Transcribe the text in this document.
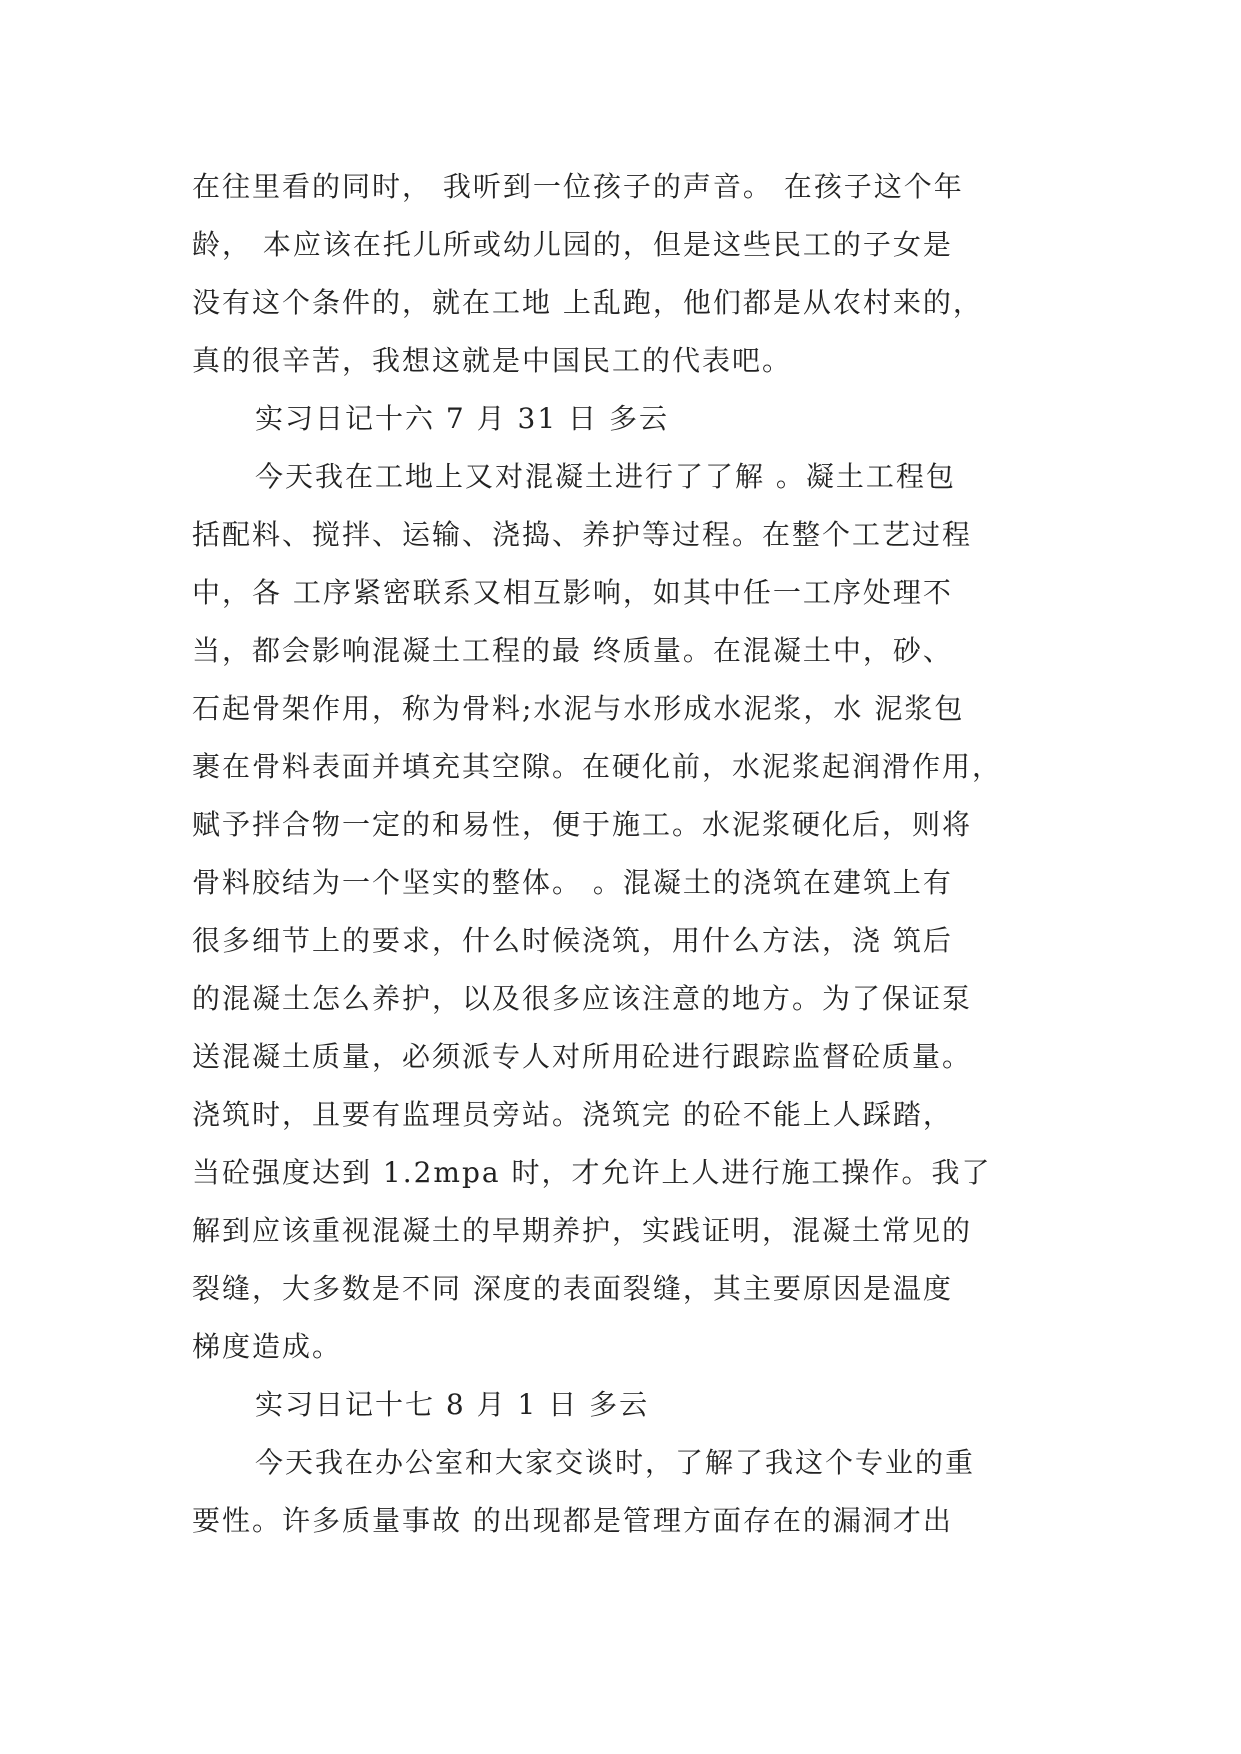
在往里看的同时， 我听到一位孩子的声音。 在孩子这个年
龄， 本应该在托儿所或幼儿园的，但是这些民工的子女是
没有这个条件的，就在工地 上乱跑，他们都是从农村来的，
真的很辛苦，我想这就是中国民工的代表吧。
实习日记十六 7 月 31 日 多云
今天我在工地上又对混凝土进行了了解 。凝土工程包
括配料、搅拌、运输、浇捣、养护等过程。在整个工艺过程
中，各 工序紧密联系又相互影响，如其中任一工序处理不
当，都会影响混凝土工程的最 终质量。在混凝土中，砂、
石起骨架作用，称为骨料;水泥与水形成水泥浆，水 泥浆包
裹在骨料表面并填充其空隙。在硬化前，水泥浆起润滑作用，
赋予拌合物一定的和易性，便于施工。水泥浆硬化后，则将
骨料胶结为一个坚实的整体。 。混凝土的浇筑在建筑上有
很多细节上的要求，什么时候浇筑，用什么方法，浇 筑后
的混凝土怎么养护，以及很多应该注意的地方。为了保证泵
送混凝土质量，必须派专人对所用砼进行跟踪监督砼质量。
浇筑时，且要有监理员旁站。浇筑完 的砼不能上人踩踏，
当砼强度达到 1.2mpa 时，才允许上人进行施工操作。我了
解到应该重视混凝土的早期养护，实践证明，混凝土常见的
裂缝，大多数是不同 深度的表面裂缝，其主要原因是温度
梯度造成。
实习日记十七 8 月 1 日 多云
今天我在办公室和大家交谈时，了解了我这个专业的重
要性。许多质量事故 的出现都是管理方面存在的漏洞才出
